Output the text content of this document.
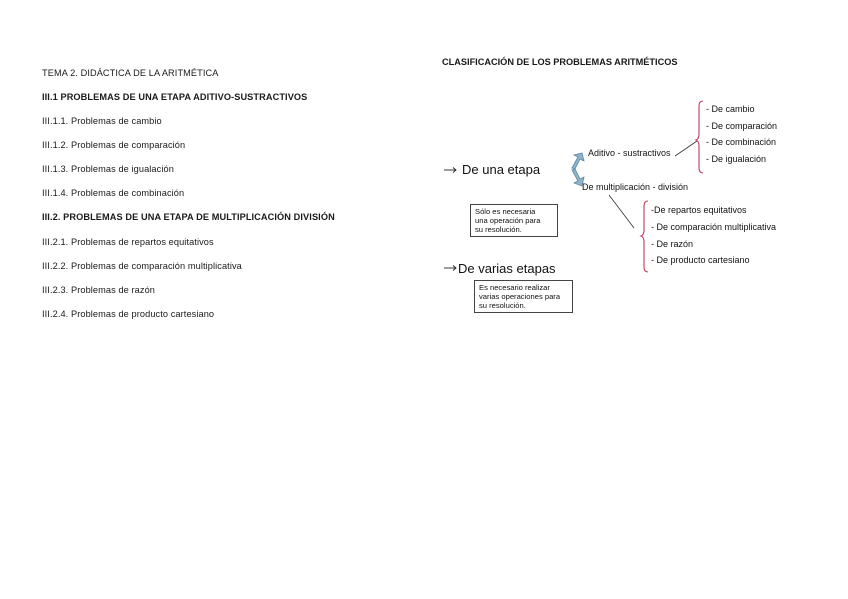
TEMA 2. DIDÁCTICA DE LA ARITMÉTICA
III.1 PROBLEMAS DE UNA ETAPA ADITIVO-SUSTRACTIVOS
III.1.1. Problemas de cambio
III.1.2. Problemas de comparación
III.1.3. Problemas de igualación
III.1.4. Problemas de combinación
III.2. PROBLEMAS DE UNA ETAPA DE MULTIPLICACIÓN DIVISIÓN
III.2.1. Problemas de repartos equitativos
III.2.2. Problemas de comparación multiplicativa
III.2.3. Problemas de razón
III.2.4. Problemas de producto cartesiano
CLASIFICACIÓN DE LOS PROBLEMAS ARITMÉTICOS
De una etapa
Sólo es necesaria
una operación para
su resolución.
De varias etapas
Es necesario realizar
varias operaciones para
su resolución.
Aditivo - sustractivos
- De cambio
- De comparación
- De combinación
- De igualación
De multiplicación - división
-De repartos equitativos
- De comparación multiplicativa
- De razón
- De producto cartesiano
